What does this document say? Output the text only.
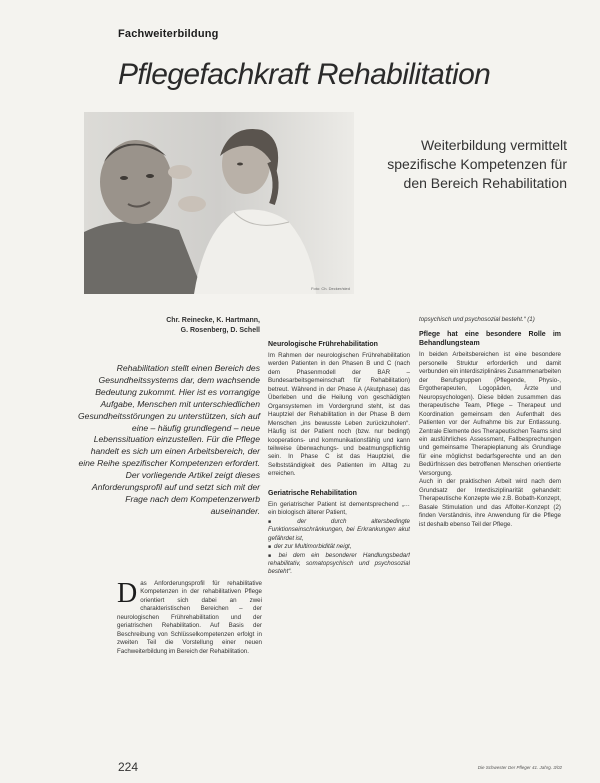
Fachweiterbildung
Pflegefachkraft Rehabilitation
Foto: Ch. Decker/sted
Weiterbildung vermittelt
spezifische Kompetenzen für
den Bereich Rehabilitation
Chr. Reinecke, K. Hartmann,
G. Rosenberg, D. Schell
Rehabilitation stellt einen Bereich des Gesundheitssystems dar, dem wachsende Bedeutung zukommt. Hier ist es vorrangige Aufgabe, Menschen mit unterschiedlichen Gesundheitsstörungen zu unterstützen, sich auf eine – häufig grundlegend – neue Lebenssituation einzustellen. Für die Pflege handelt es sich um einen Arbeitsbereich, der eine Reihe spezifischer Kompetenzen erfordert. Der vorliegende Artikel zeigt dieses Anforderungsprofil auf und setzt sich mit der Frage nach dem Kompetenzerwerb auseinander.
D as Anforderungsprofil für rehabilitative Kompetenzen in der rehabilitativen Pflege orientiert sich dabei an zwei charakteristischen Bereichen – der neurologischen Frührehabilitation und der geriatrischen Rehabilitation. Auf Basis der Beschreibung von Schlüsselkompetenzen erfolgt in zweiten Teil die Vorstellung einer neuen Fachweiterbildung im Bereich der Rehabilitation.
Neurologische Frührehabilitation
Im Rahmen der neurologischen Frührehabilitation werden Patienten in den Phasen B und C (nach dem Phasenmodell der BAR – Bundesarbeitsgemeinschaft für Rehabilitation) betreut. Während in der Phase A (Akutphase) das Überleben und die Heilung von geschädigten Organsystemen im Vordergrund steht, ist das Hauptziel der Rehabilitation in der Phase B dem Menschen „ins bewusste Leben zurückzuholen“. Häufig ist der Patient noch (bzw. nur bedingt) kooperations- und kommunikationsfähig und kann teilweise überwachungs- und beatmungspflichtig sein. In Phase C ist das Hauptziel, die Selbstständigkeit des Patienten im Alltag zu erreichen.
Geriatrische Rehabilitation
Ein geriatrischer Patient ist dementsprechend „… ein biologisch älterer Patient,
■ der durch altersbedingte Funktionseinschränkungen, bei Erkrankungen akut gefährdet ist,
■ der zur Multimorbidität neigt,
■ bei dem ein besonderer Handlungsbedarf rehabilitativ, somatopsychisch und psychosozial besteht“.
topsychisch und psychosozial besteht.“ (1)
Pflege hat eine besondere Rolle im Behandlungsteam
In beiden Arbeitsbereichen ist eine besondere personelle Struktur erforderlich und damit verbunden ein interdisziplinäres Zusammenarbeiten der Berufsgruppen (Pflegende, Physio-, Ergotherapeuten, Logopäden, Ärzte und Neuropsychologen). Diese bilden zusammen das therapeutische Team, Pflege – Therapeut und Koordination gemeinsam den Aufenthalt des Patienten vor der Aufnahme bis zur Entlassung. Zentrale Elemente des Therapeutischen Teams sind ein ausführliches Assessment, Fallbesprechungen und gemeinsame Therapieplanung als Grundlage für eine möglichst bedarfsgerechte und an den Bedürfnissen des betroffenen Menschen orientierte Versorgung.
Auch in der praktischen Arbeit wird nach dem Grundsatz der Interdisziplinarität gehandelt: Therapeutische Konzepte wie z.B. Bobath-Konzept, Basale Stimulation und das Affolter-Konzept (2) finden Verständnis, ihre Anwendung für die Pflege ist deshalb ebenso Teil der Pflege.
224	Die Schwester Der Pfleger 41. Jahrg. 3/02
